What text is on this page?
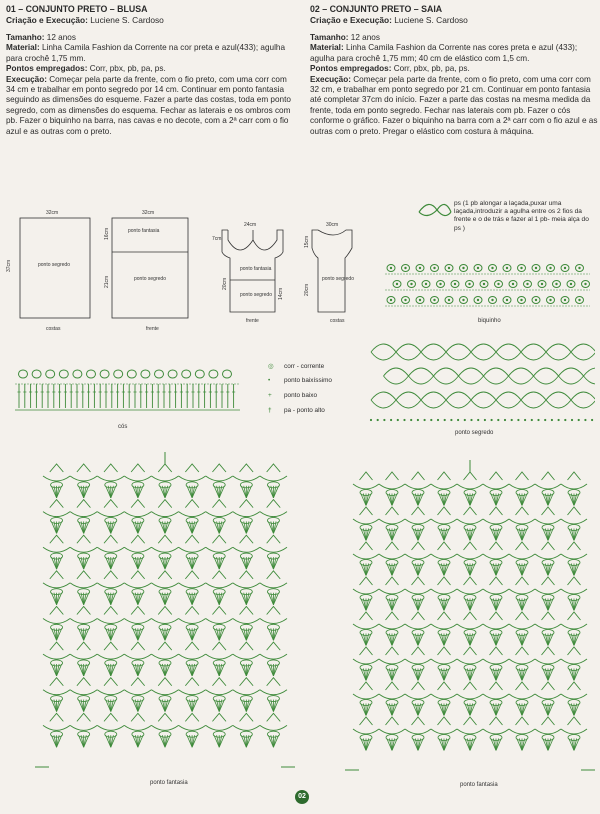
01 – CONJUNTO PRETO – BLUSA
Criação e Execução: Luciene S. Cardoso

Tamanho: 12 anos

Material: Linha Camila Fashion da Corrente na cor preta e azul(433); agulha para crochê 1,75 mm.

Pontos empregados: Corr, pbx, pb, pa, ps.

Execução: Começar pela parte da frente, com o fio preto, com uma corr com 34 cm e trabalhar em ponto segredo por 14 cm. Continuar em ponto fantasia seguindo as dimensões do esqueme. Fazer a parte das costas, toda em ponto segredo, com as dimensões do esquema. Fechar as laterais e os ombros com pb. Fazer o biquinho na barra, nas cavas e no decote, com a 2ª carr com o fio azul e as outras com o preto.

02 – CONJUNTO PRETO – SAIA
Criação e Execução: Luciene S. Cardoso

Tamanho: 12 anos

Material: Linha Camila Fashion da Corrente nas cores preta e azul (433); agulha para crochê 1,75 mm; 40 cm de elástico com 1,5 cm.

Pontos empregados: Corr, pbx, pb, pa, ps.

Execução: Começar pela parte da frente, com o fio preto, com uma corr com 32 cm, e trabalhar em ponto segredo por 21 cm. Continuar em ponto fantasia até completar 37cm do início. Fazer a parte das costas na mesma medida da frente, toda em ponto segredo. Fechar nas laterais com pb. Fazer o cós conforme o gráfico. Fazer o biquinho na barra com a 2ª carr com o fio azul e as outras com o preto. Pregar o elástico com costura à máquina.

32cm
37cm	ponto segredo
costas
32cm
ponto fantasia
16cm
ponto segredo
21cm
frente
24cm
7cm
20cm
14cm
ponto fantasia
ponto segredo
frente
30cm
15cm
20cm
ponto segredo
costas
ps (1 pb alongar a laçada,puxar uma laçada,introduzir a agulha entre os 2 fios da frente e o de trás e fazer al 1 pb- meia alça do ps )
biquinho
cós
◎ corr - corrente
• ponto baixíssimo
+ ponto baixo
† pa - ponto alto
ponto segredo
ponto fantasia	ponto fantasia
02
